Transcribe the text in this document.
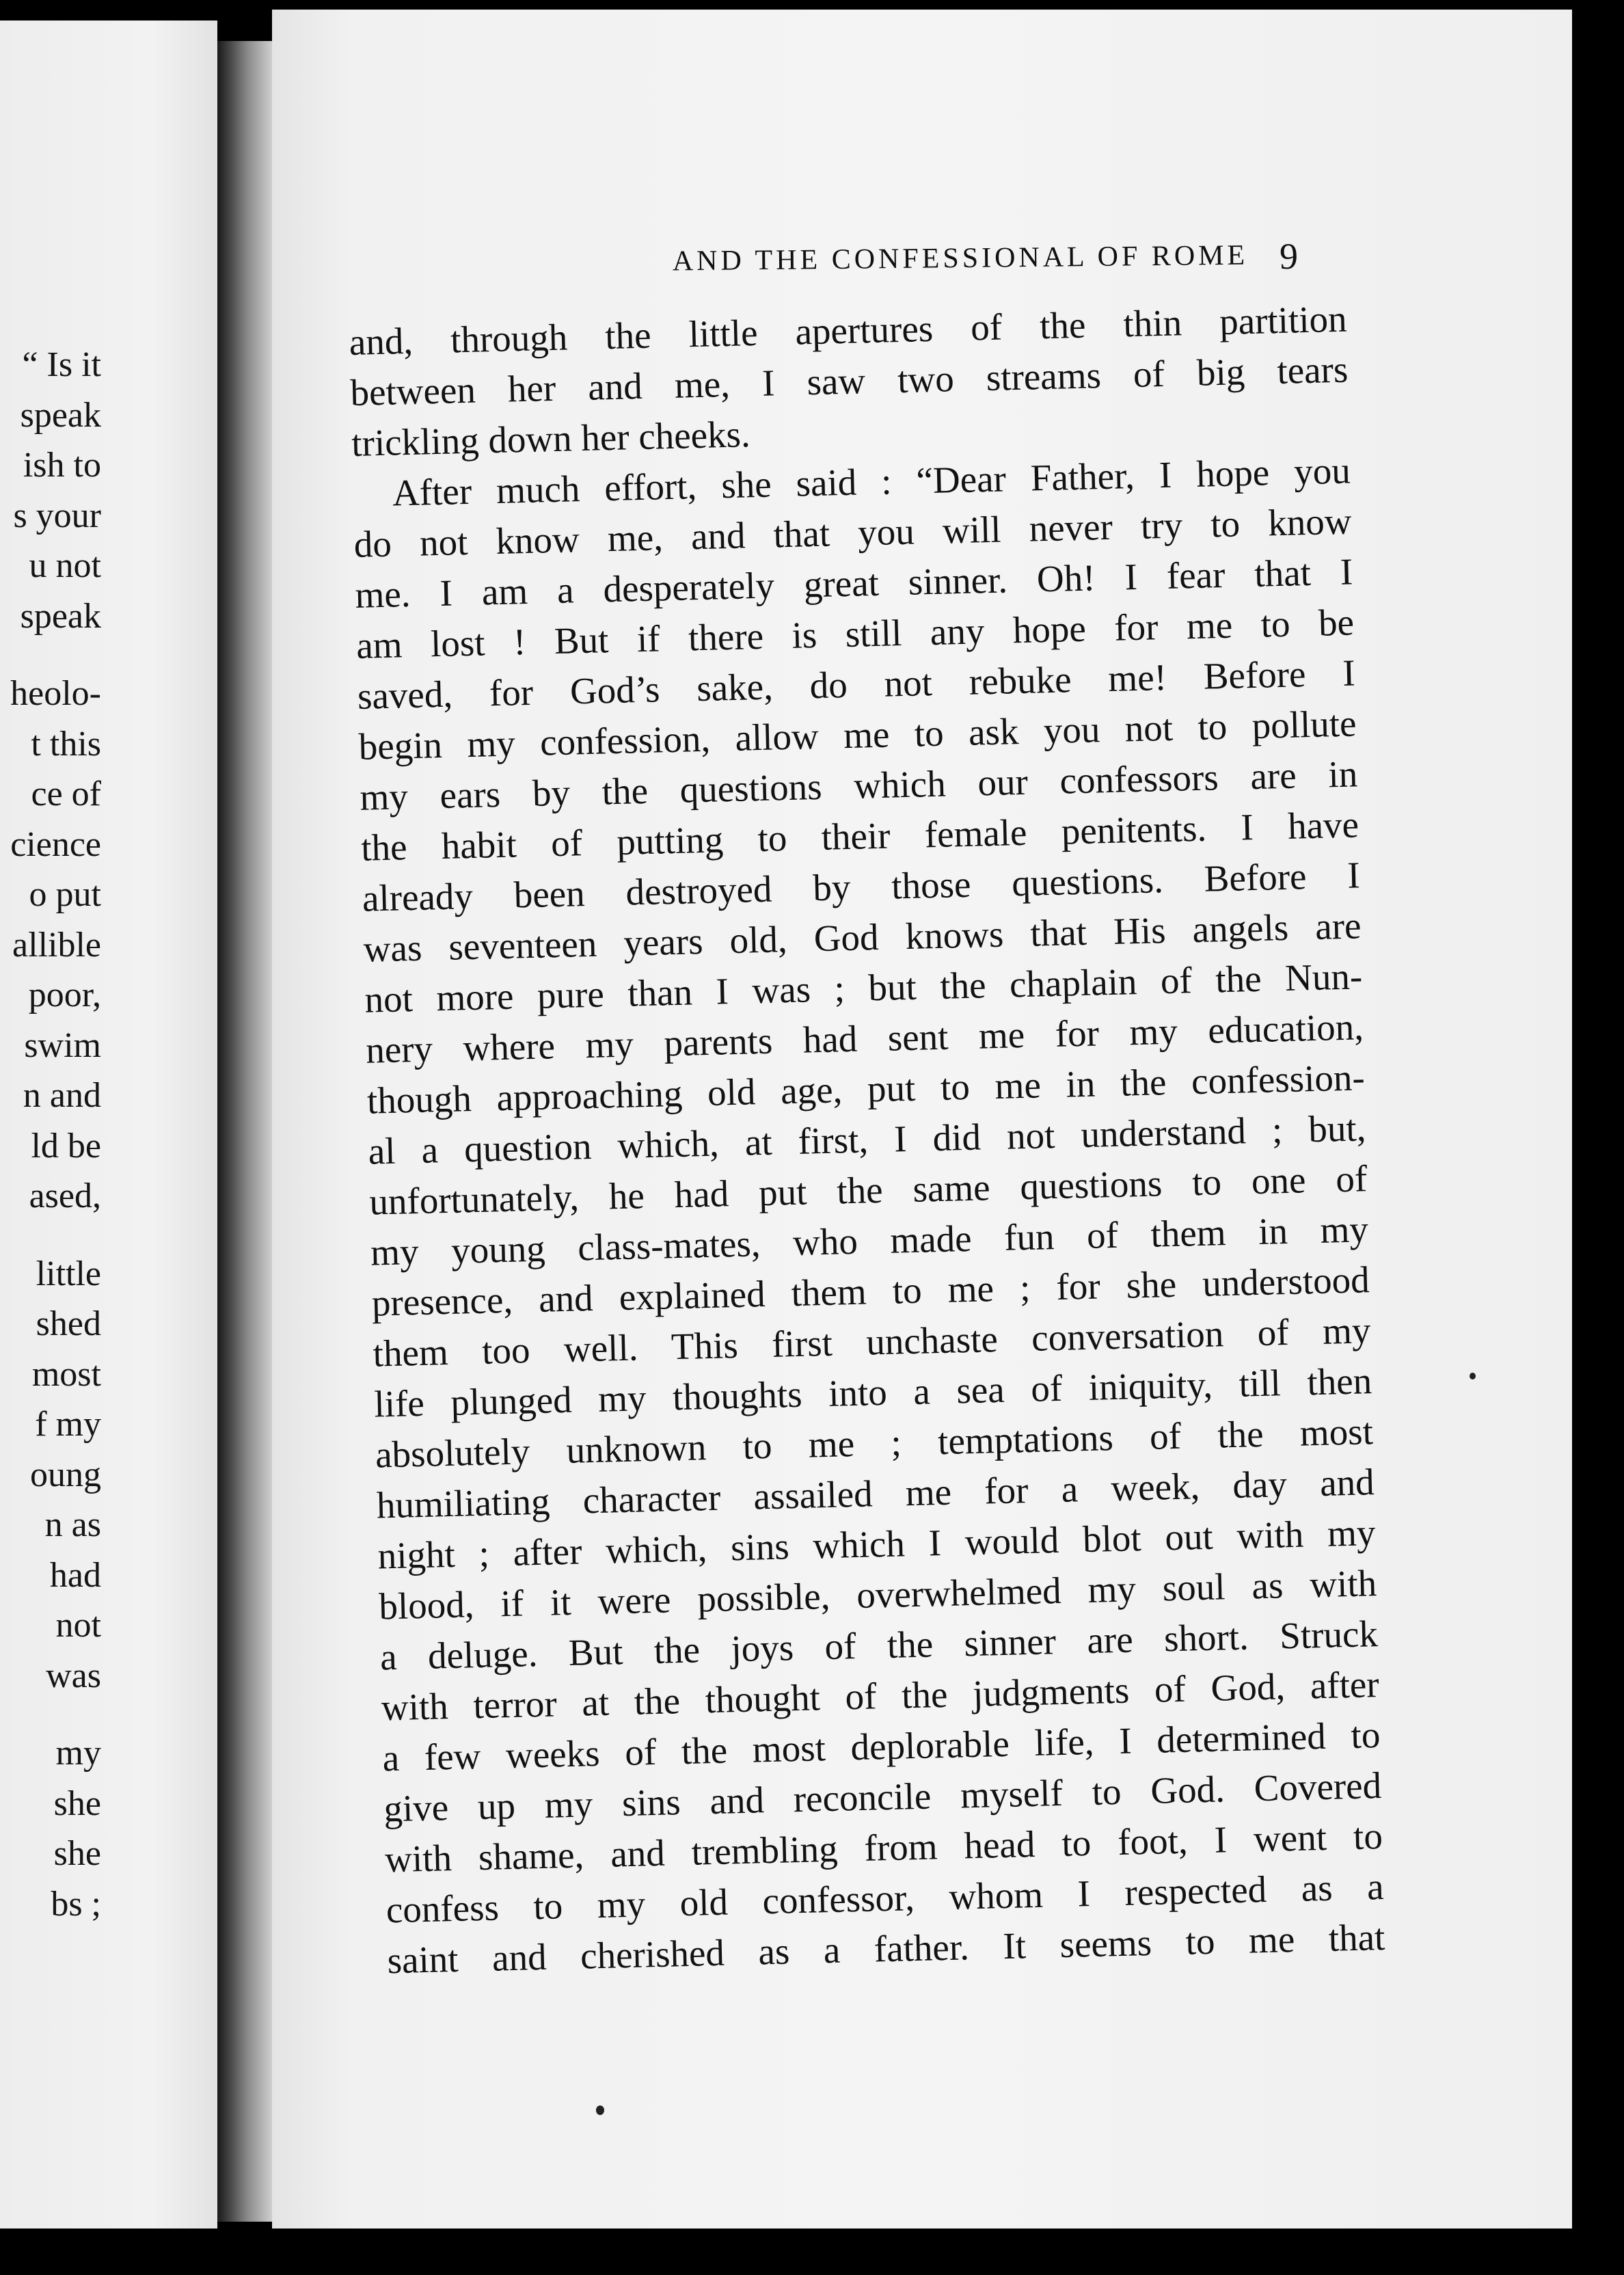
“ Is it
speak
ish to
s your
u not
speak
heolo-
t this
ce of
cience
o put
allible
poor,
swim
n and
ld be
ased,
little
shed
most
f my
oung
n as
had
not
was
my
she
she
bs ;
AND THE CONFESSIONAL OF ROME 9
and, through the little apertures of the thin partition
between her and me, I saw two streams of big tears
trickling down her cheeks.
After much effort, she said : “Dear Father, I hope you
do not know me, and that you will never try to know
me. I am a desperately great sinner. Oh! I fear that I
am lost ! But if there is still any hope for me to be
saved, for God’s sake, do not rebuke me! Before I
begin my confession, allow me to ask you not to pollute
my ears by the questions which our confessors are in
the habit of putting to their female penitents. I have
already been destroyed by those questions. Before I
was seventeen years old, God knows that His angels are
not more pure than I was ; but the chaplain of the Nun-
nery where my parents had sent me for my education,
though approaching old age, put to me in the confession-
al a question which, at first, I did not understand ; but,
unfortunately, he had put the same questions to one of
my young class-mates, who made fun of them in my
presence, and explained them to me ; for she understood
them too well. This first unchaste conversation of my
life plunged my thoughts into a sea of iniquity, till then
absolutely unknown to me ; temptations of the most
humiliating character assailed me for a week, day and
night ; after which, sins which I would blot out with my
blood, if it were possible, overwhelmed my soul as with
a deluge. But the joys of the sinner are short. Struck
with terror at the thought of the judgments of God, after
a few weeks of the most deplorable life, I determined to
give up my sins and reconcile myself to God. Covered
with shame, and trembling from head to foot, I went to
confess to my old confessor, whom I respected as a
saint and cherished as a father. It seems to me that
